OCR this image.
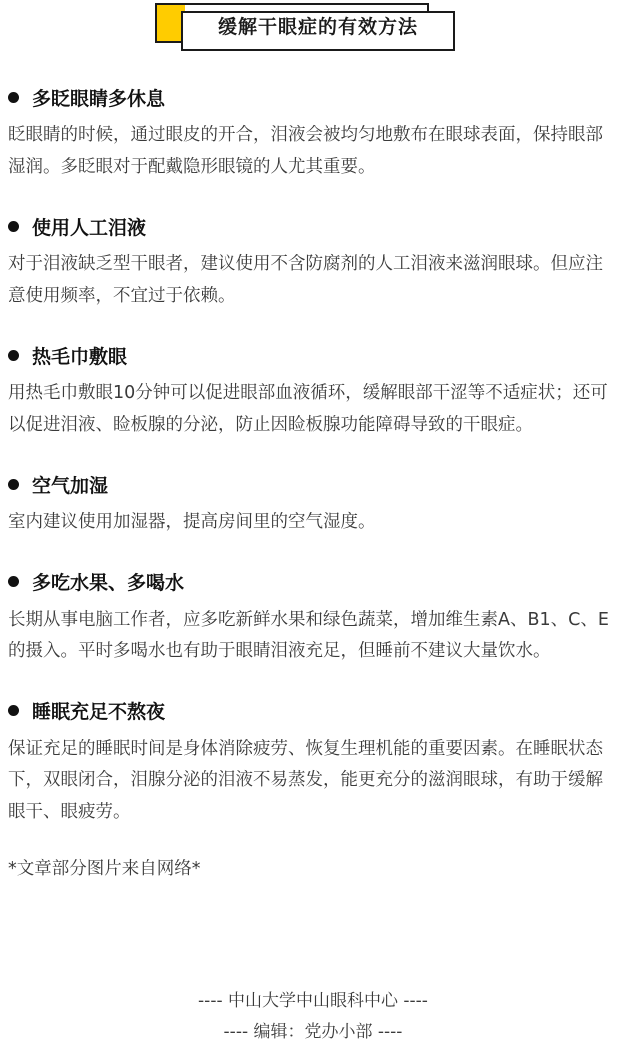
缓解干眼症的有效方法
多眨眼睛多休息

眨眼睛的时候，通过眼皮的开合，泪液会被均匀地敷布在眼球表面，保持眼部湿润。多眨眼对于配戴隐形眼镜的人尤其重要。

使用人工泪液

对于泪液缺乏型干眼者，建议使用不含防腐剂的人工泪液来滋润眼球。但应注意使用频率，不宜过于依赖。

热毛巾敷眼

用热毛巾敷眼10分钟可以促进眼部血液循环，缓解眼部干涩等不适症状；还可以促进泪液、睑板腺的分泌，防止因睑板腺功能障碍导致的干眼症。

空气加湿

室内建议使用加湿器，提高房间里的空气湿度。

多吃水果、多喝水

长期从事电脑工作者，应多吃新鲜水果和绿色蔬菜，增加维生素A、B1、C、E的摄入。平时多喝水也有助于眼睛泪液充足，但睡前不建议大量饮水。

睡眠充足不熬夜

保证充足的睡眠时间是身体消除疲劳、恢复生理机能的重要因素。在睡眠状态下，双眼闭合，泪腺分泌的泪液不易蒸发，能更充分的滋润眼球，有助于缓解眼干、眼疲劳。

*文章部分图片来自网络*
---- 中山大学中山眼科中心 ----
---- 编辑：党办小部 ----
